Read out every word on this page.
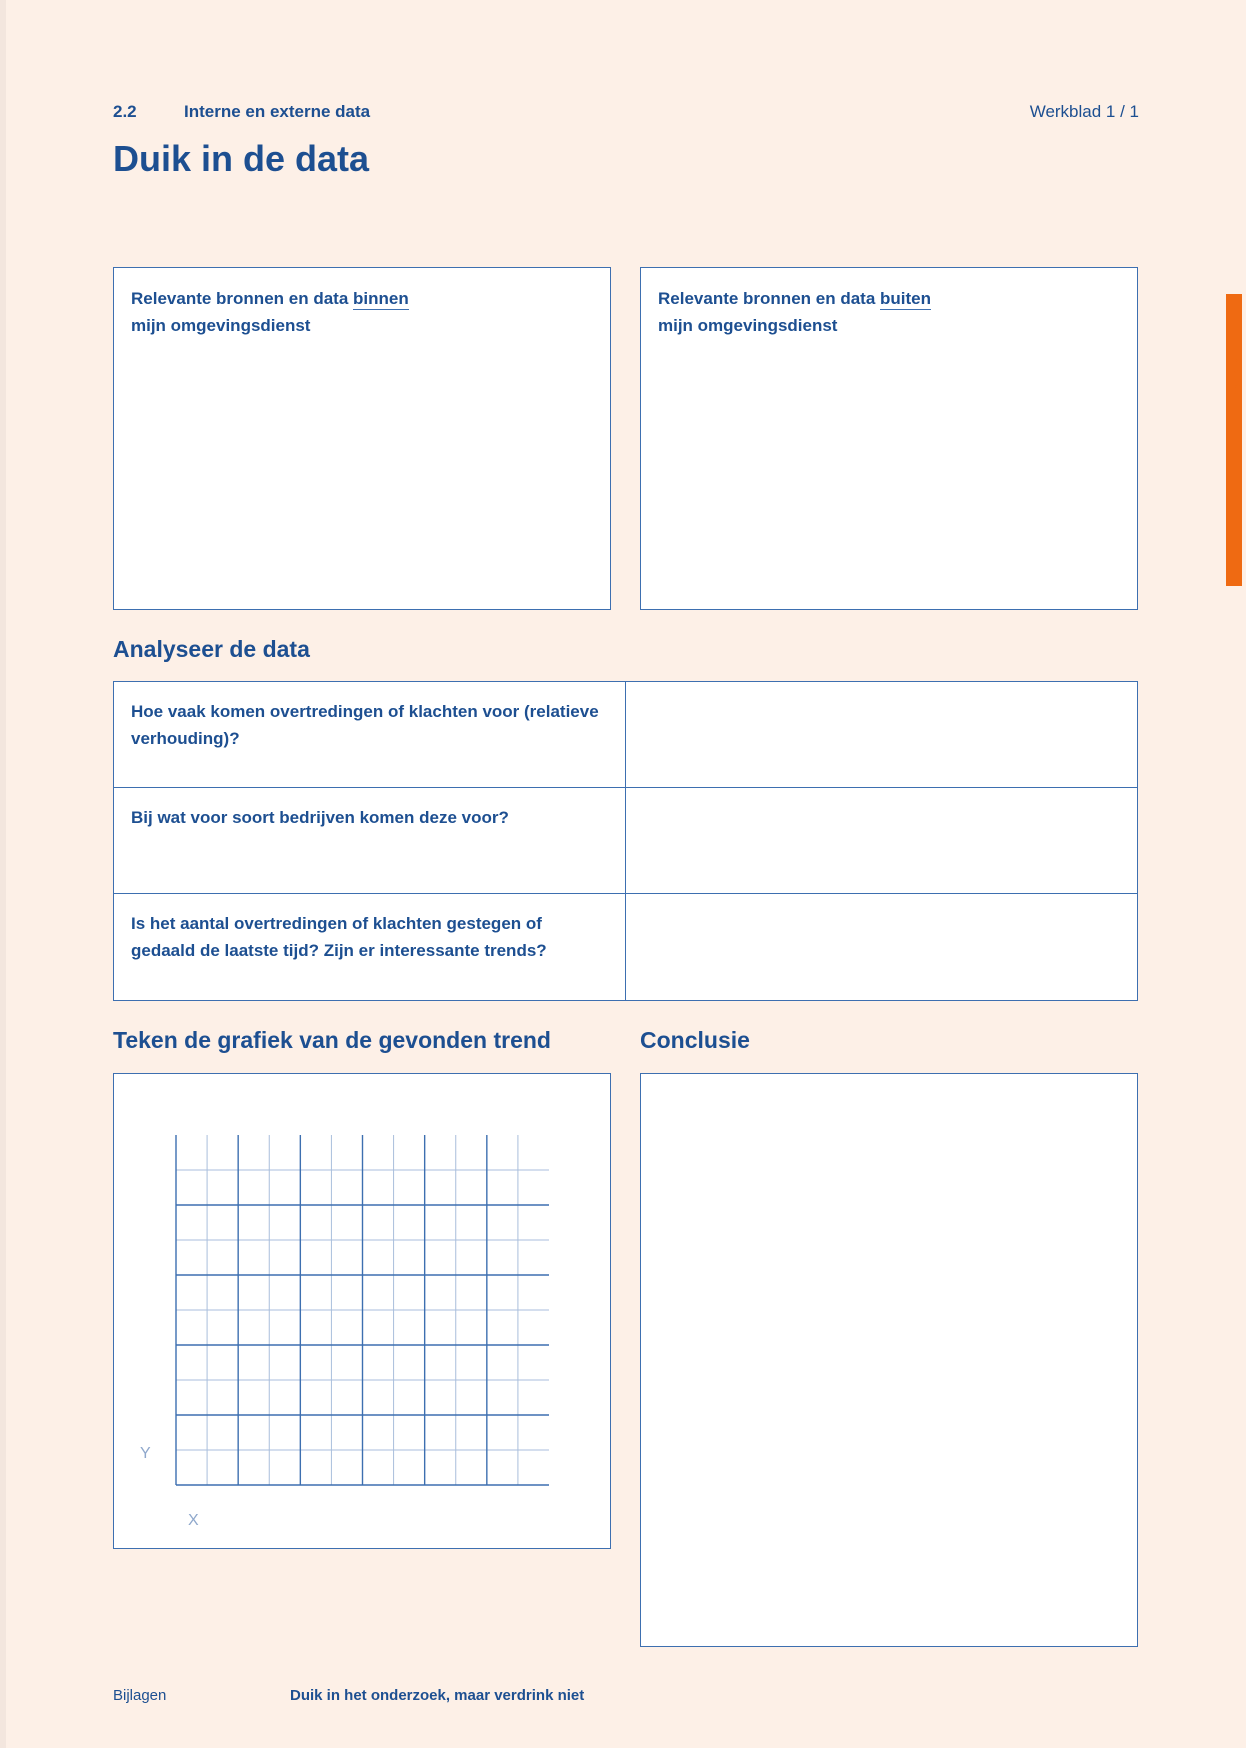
2.2	Interne en externe data	Werkblad 1 / 1
Duik in de data
fase 2
Relevante bronnen en data binnen
mijn omgevingsdienst
Relevante bronnen en data buiten
mijn omgevingsdienst
Analyseer de data
Hoe vaak komen overtredingen of klachten voor (relatieve verhouding)?
Bij wat voor soort bedrijven komen deze voor?
Is het aantal overtredingen of klachten gestegen of gedaald de laatste tijd? Zijn er interessante trends?
Teken de grafiek van de gevonden trend
Y
X
Conclusie
Bijlagen	Duik in het onderzoek, maar verdrink niet
